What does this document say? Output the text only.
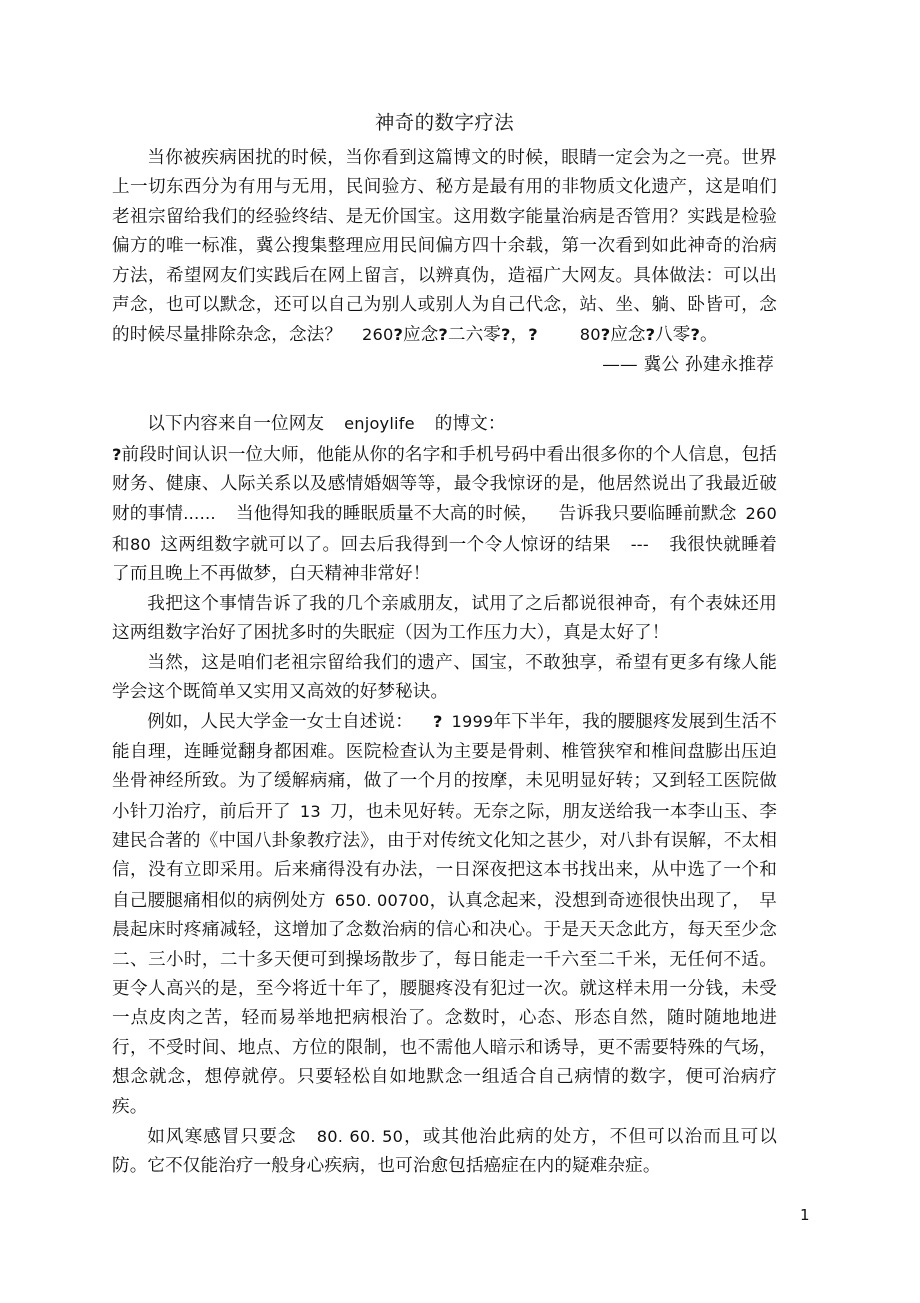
神奇的数字疗法

当你被疾病困扰的时候，当你看到这篇博文的时候，眼睛一定会为之一亮。世界上一切东西分为有用与无用，民间验方、秘方是最有用的非物质文化遗产，这是咱们老祖宗留给我们的经验终结、是无价国宝。这用数字能量治病是否管用？实践是检验偏方的唯一标准，冀公搜集整理应用民间偏方四十余载，第一次看到如此神奇的治病方法，希望网友们实践后在网上留言，以辨真伪，造福广大网友。具体做法：可以出声念，也可以默念，还可以自己为别人或别人为自己代念，站、坐、躺、卧皆可，念的时候尽量排除杂念，念法？ 260?应念?二六零?，?	80?应念?八零?。

—— 冀公 孙建永推荐

以下内容来自一位网友 enjoylife 的博文：

?前段时间认识一位大师，他能从你的名字和手机号码中看出很多你的个人信息，包括财务、健康、人际关系以及感情婚姻等等，最令我惊讶的是，他居然说出了我最近破财的事情…… 当他得知我的睡眠质量不大高的时候， 告诉我只要临睡前默念 260和80 这两组数字就可以了。回去后我得到一个令人惊讶的结果 --- 我很快就睡着了而且晚上不再做梦，白天精神非常好！

我把这个事情告诉了我的几个亲戚朋友，试用了之后都说很神奇，有个表妹还用这两组数字治好了困扰多时的失眠症（因为工作压力大），真是太好了！

当然，这是咱们老祖宗留给我们的遗产、国宝，不敢独享，希望有更多有缘人能学会这个既简单又实用又高效的好梦秘诀。

例如，人民大学金一女士自述说： ? 1999年下半年，我的腰腿疼发展到生活不能自理，连睡觉翻身都困难。医院检查认为主要是骨刺、椎管狭窄和椎间盘膨出压迫坐骨神经所致。为了缓解病痛，做了一个月的按摩，未见明显好转；又到轻工医院做小针刀治疗，前后开了 13 刀，也未见好转。无奈之际，朋友送给我一本李山玉、李建民合著的《中国八卦象教疗法》，由于对传统文化知之甚少，对八卦有误解，不太相信，没有立即采用。后来痛得没有办法，一日深夜把这本书找出来，从中选了一个和自己腰腿痛相似的病例处方 650. 00700，认真念起来，没想到奇迹很快出现了， 早晨起床时疼痛减轻，这增加了念数治病的信心和决心。于是天天念此方，每天至少念二、三小时，二十多天便可到操场散步了，每日能走一千六至二千米，无任何不适。更令人高兴的是，至今将近十年了，腰腿疼没有犯过一次。就这样未用一分钱，未受一点皮肉之苦，轻而易举地把病根治了。念数时，心态、形态自然，随时随地地进行，不受时间、地点、方位的限制，也不需他人暗示和诱导，更不需要特殊的气场，想念就念，想停就停。只要轻松自如地默念一组适合自己病情的数字，便可治病疗疾。

如风寒感冒只要念 80. 60. 50，或其他治此病的处方，不但可以治而且可以防。它不仅能治疗一般身心疾病，也可治愈包括癌症在内的疑难杂症。

1
